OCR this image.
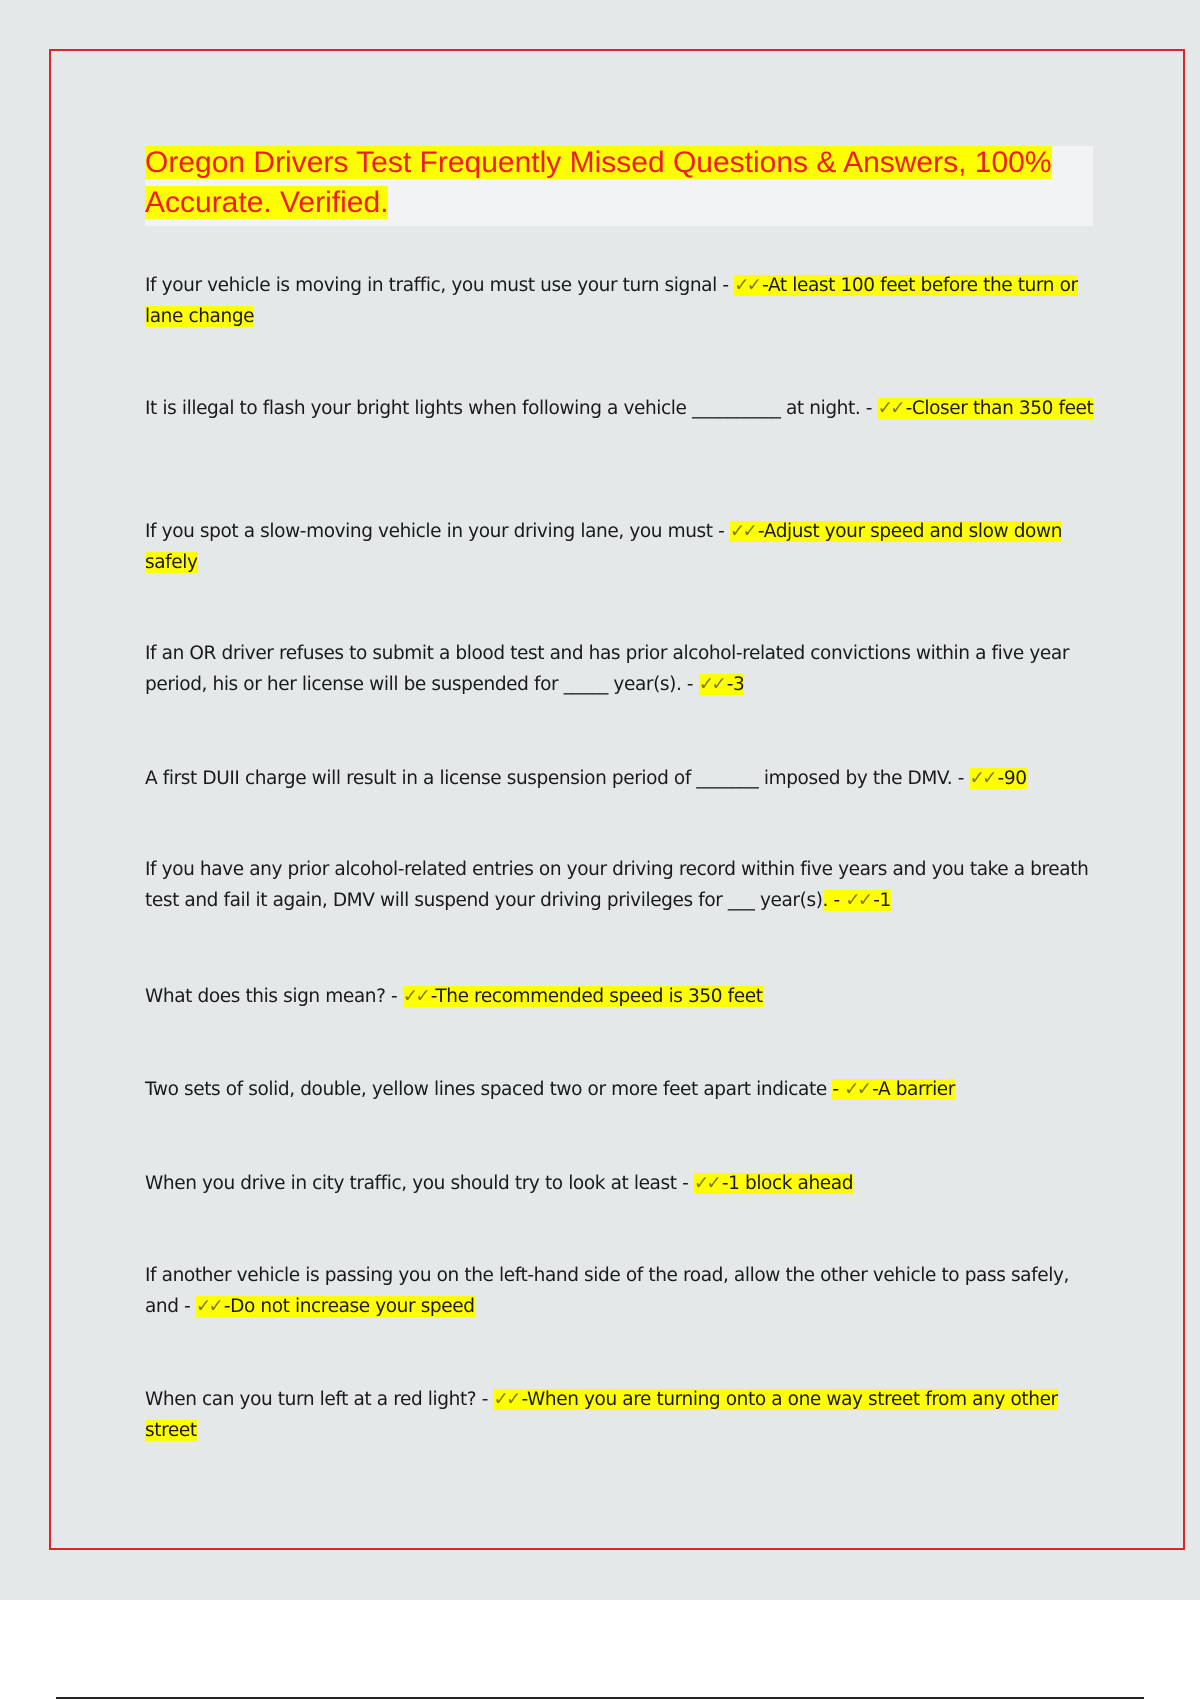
Oregon Drivers Test Frequently Missed Questions & Answers, 100% Accurate. Verified.

If your vehicle is moving in traffic, you must use your turn signal - ✓✓ -At least 100 feet before the turn or lane change

It is illegal to flash your bright lights when following a vehicle __________ at night. - ✓✓ -Closer than 350 feet

If you spot a slow-moving vehicle in your driving lane, you must - ✓✓ -Adjust your speed and slow down safely

If an OR driver refuses to submit a blood test and has prior alcohol-related convictions within a five year period, his or her license will be suspended for _____ year(s). - ✓✓ -3

A first DUII charge will result in a license suspension period of _______ imposed by the DMV. - ✓✓ -90

If you have any prior alcohol-related entries on your driving record within five years and you take a breath test and fail it again, DMV will suspend your driving privileges for ___ year(s). - ✓✓ -1

What does this sign mean? - ✓✓ -The recommended speed is 350 feet

Two sets of solid, double, yellow lines spaced two or more feet apart indicate - ✓✓ -A barrier

When you drive in city traffic, you should try to look at least - ✓✓ -1 block ahead

If another vehicle is passing you on the left-hand side of the road, allow the other vehicle to pass safely, and - ✓✓ -Do not increase your speed

When can you turn left at a red light? - ✓✓ -When you are turning onto a one way street from any other street
